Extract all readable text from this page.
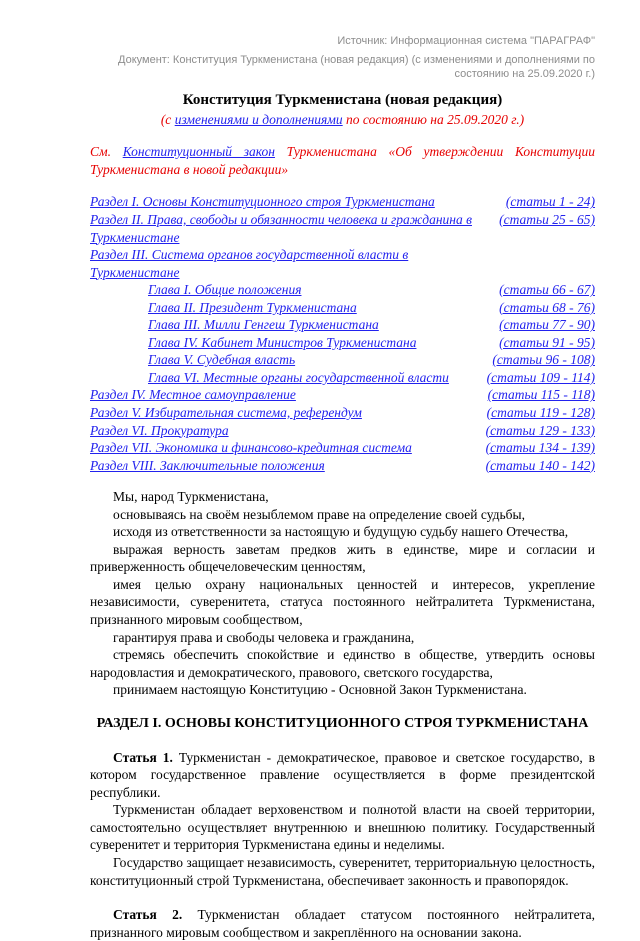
Источник: Информационная система "ПАРАГРАФ"
Документ: Конституция Туркменистана (новая редакция) (с изменениями и дополнениями по состоянию на 25.09.2020 г.)
Конституция Туркменистана (новая редакция)
(с изменениями и дополнениями по состоянию на 25.09.2020 г.)
См. Конституционный закон Туркменистана «Об утверждении Конституции Туркменистана в новой редакции»
Раздел I. Основы Конституционного строя Туркменистана	(статьи 1 - 24)
Раздел II. Права, свободы и обязанности человека и гражданина в Туркменистане
(статьи 25 - 65)
Раздел III. Система органов государственной власти в Туркменистане
Глава I. Общие положения	(статьи 66 - 67)
Глава II. Президент Туркменистана	(статьи 68 - 76)
Глава III. Милли Генгеш Туркменистана	(статьи 77 - 90)
Глава IV. Кабинет Министров Туркменистана	(статьи 91 - 95)
Глава V. Судебная власть	(статьи 96 - 108)
Глава VI. Местные органы государственной власти	(статьи 109 - 114)
Раздел IV. Местное самоуправление	(статьи 115 - 118)
Раздел V. Избирательная система, референдум	(статьи 119 - 128)
Раздел VI. Прокуратура	(статьи 129 - 133)
Раздел VII. Экономика и финансово-кредитная система	(статьи 134 - 139)
Раздел VIII. Заключительные положения	(статьи 140 - 142)

Мы, народ Туркменистана,

основываясь на своём незыблемом праве на определение своей судьбы,

исходя из ответственности за настоящую и будущую судьбу нашего Отечества,

выражая верность заветам предков жить в единстве, мире и согласии и приверженность общечеловеческим ценностям,

имея целью охрану национальных ценностей и интересов, укрепление независимости, суверенитета, статуса постоянного нейтралитета Туркменистана, признанного мировым сообществом,

гарантируя права и свободы человека и гражданина,

стремясь обеспечить спокойствие и единство в обществе, утвердить основы народовластия и демократического, правового, светского государства,

принимаем настоящую Конституцию - Основной Закон Туркменистана.

РАЗДЕЛ I. ОСНОВЫ КОНСТИТУЦИОННОГО СТРОЯ ТУРКМЕНИСТАНА

Статья 1. Туркменистан - демократическое, правовое и светское государство, в котором государственное правление осуществляется в форме президентской республики.

Туркменистан обладает верховенством и полнотой власти на своей территории, самостоятельно осуществляет внутреннюю и внешнюю политику. Государственный суверенитет и территория Туркменистана едины и неделимы.

Государство защищает независимость, суверенитет, территориальную целостность, конституционный строй Туркменистана, обеспечивает законность и правопорядок.

Статья 2. Туркменистан обладает статусом постоянного нейтралитета, признанного мировым сообществом и закреплённого на основании закона.
